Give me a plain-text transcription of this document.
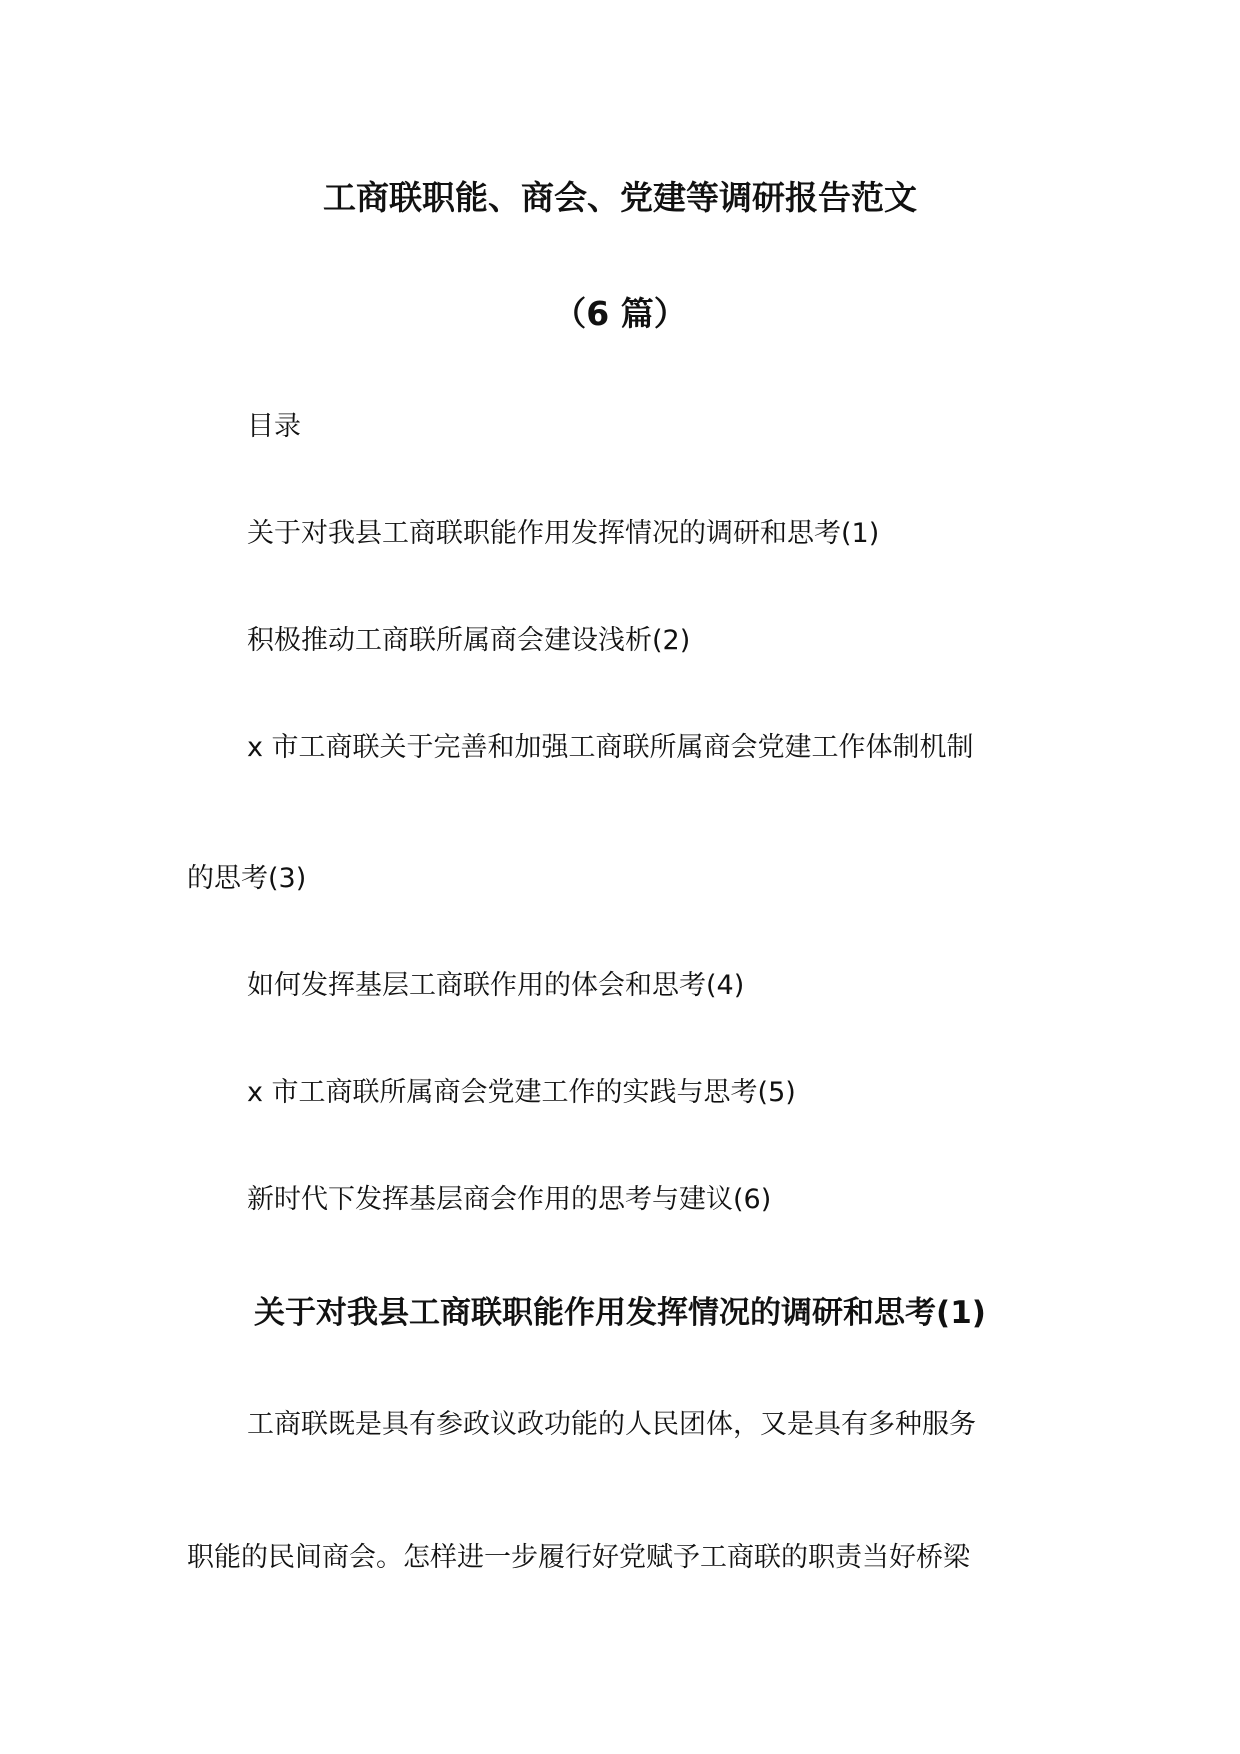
工商联职能、商会、党建等调研报告范文
（6 篇）
目录
关于对我县工商联职能作用发挥情况的调研和思考(1)
积极推动工商联所属商会建设浅析(2)
x 市工商联关于完善和加强工商联所属商会党建工作体制机制
的思考(3)
如何发挥基层工商联作用的体会和思考(4)
x 市工商联所属商会党建工作的实践与思考(5)
新时代下发挥基层商会作用的思考与建议(6)
关于对我县工商联职能作用发挥情况的调研和思考(1)
工商联既是具有参政议政功能的人民团体，又是具有多种服务
职能的民间商会。怎样进一步履行好党赋予工商联的职责当好桥梁
